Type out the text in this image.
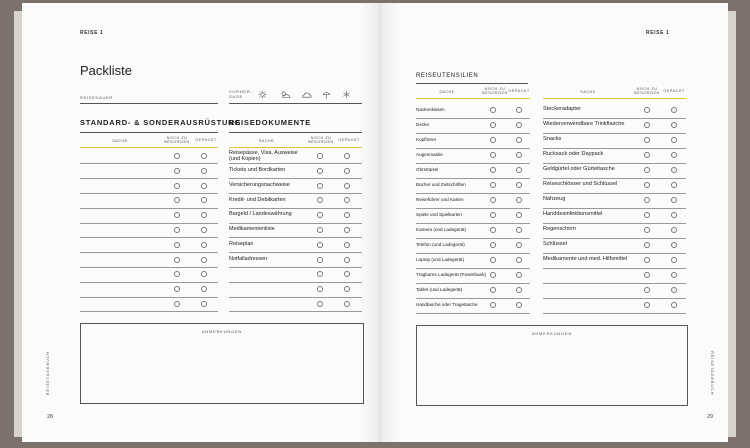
REISE 1
Packliste
REISEDAUER
VORHER-
SAGE
STANDARD- & SONDERAUSRÜSTUNG
SACHE
NOCH ZU
BESORGEN	GEPACKT
REISEDOKUMENTE
SACHE
NOCH ZU
BESORGEN	GEPACKT
Reisepässe, Visa, Ausweise
(und Kopien)
Tickets und Bordkarten
Versicherungsnachweise
Kredit- und Debitkarten
Bargeld / Landeswährung
Medikamentenliste
Reiseplan
Notfalladressen
ANMERKUNGEN
REISETAGEBUCH
28
REISE 1
REISEUTENSILIEN
SACHE
NOCH ZU
BESORGEN GEPACKT
Nackenkissen
Decke
Kopfhörer
Augenmaske
Ohrstöpsel
Bücher und Zeitschriften
Reiseführer und Karten
Spiele und Spielkarten
Kamera (und Ladegerät)
Telefon (und Ladegerät)
Laptop (und Ladegerät)
Tragbares Ladegerät (Powerbank)
Tablet (und Ladegerät)
Handtasche oder Tragetasche
SACHE
NOCH ZU
BESORGEN GEPACKT
Steckeradapter
Wiederverwendbare Trinkflasche
Snacks
Rucksack oder Daypack
Geldgürtel oder Gürteltasche
Reiseschlösser und Schlüssel
Nähzeug
Handdesinfektionsmittel
Regenschirm
Schlüssel
Medikamente und med. Hilfsmittel
ANMERKUNGEN
REISETAGEBUCH
29
